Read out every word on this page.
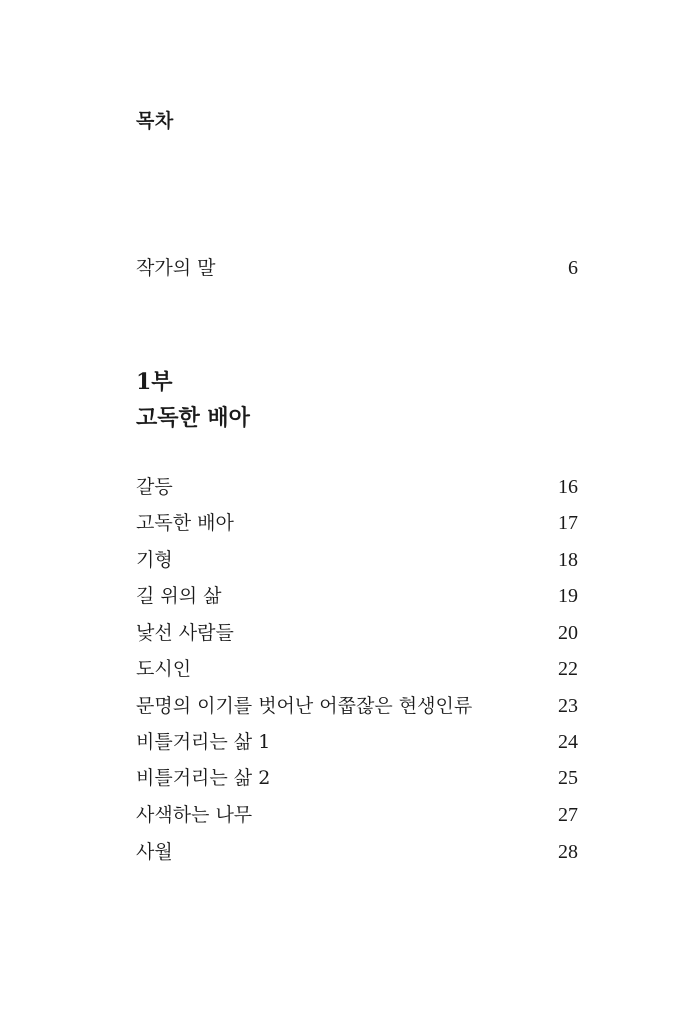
목차
작가의 말	6
1부
고독한 배아
갈등	16
고독한 배아	17
기형	18
길 위의 삶	19
낯선 사람들	20
도시인	22
문명의 이기를 벗어난 어쭙잖은 현생인류	23
비틀거리는 삶 1	24
비틀거리는 삶 2	25
사색하는 나무	27
사월	28
